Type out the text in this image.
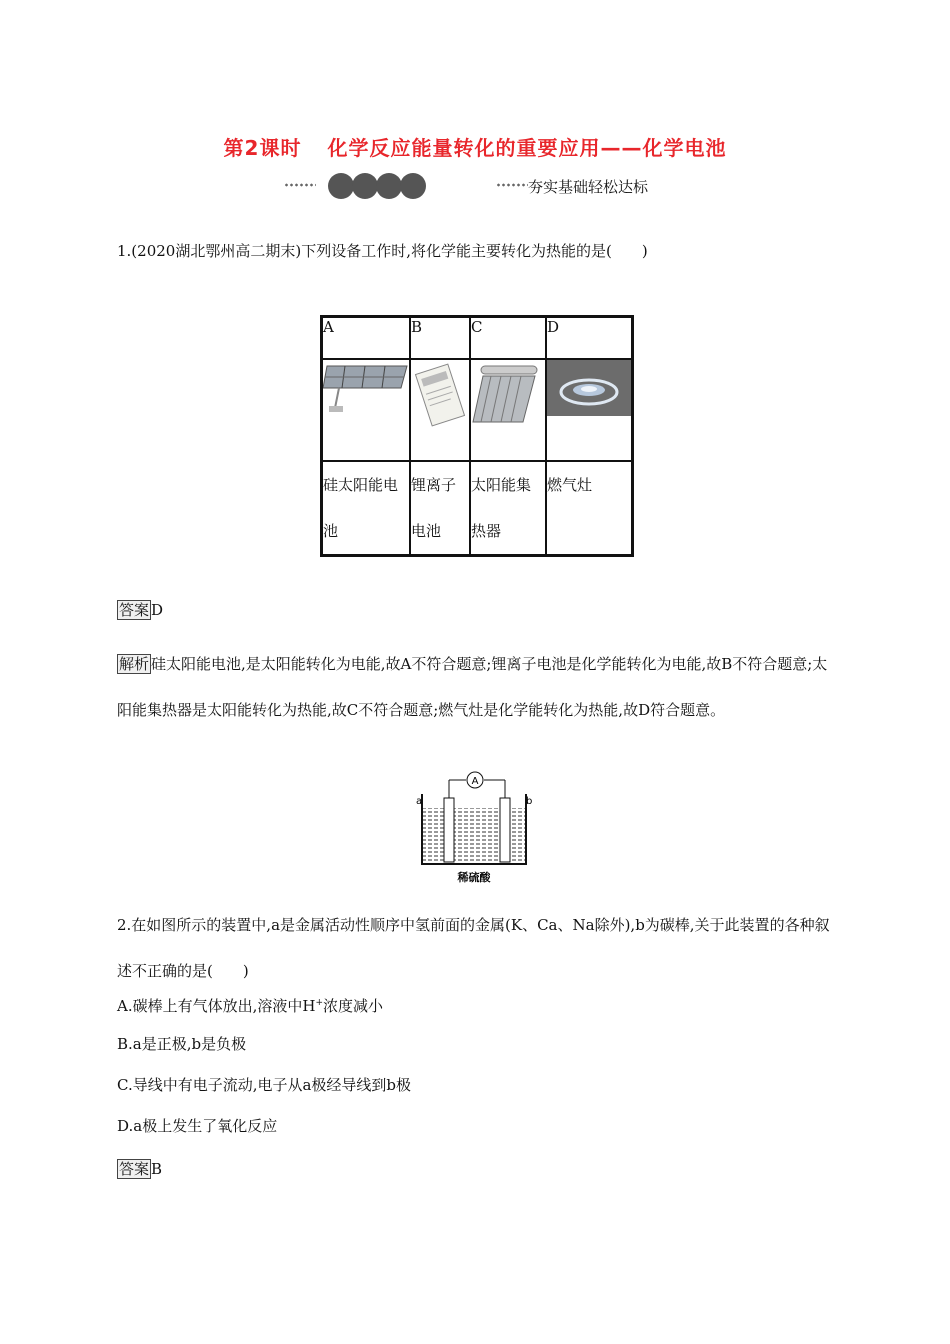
第2课时 化学反应能量转化的重要应用——化学电池
夯实基础轻松达标
1.(2020湖北鄂州高二期末)下列设备工作时,将化学能主要转化为热能的是(　　)
A	B	C	D

硅太阳能电池	锂离子电池	太阳能集热器	燃气灶
答案 D
解析 硅太阳能电池,是太阳能转化为电能,故A不符合题意;锂离子电池是化学能转化为电能,故B不符合题意;太阳能集热器是太阳能转化为热能,故C不符合题意;燃气灶是化学能转化为热能,故D符合题意。
A
a	b
稀硫酸
2.在如图所示的装置中,a是金属活动性顺序中氢前面的金属(K、Ca、Na除外),b为碳棒,关于此装置的各种叙述不正确的是(　　)
A.碳棒上有气体放出,溶液中H+浓度减小
B.a是正极,b是负极
C.导线中有电子流动,电子从a极经导线到b极
D.a极上发生了氧化反应
答案 B
